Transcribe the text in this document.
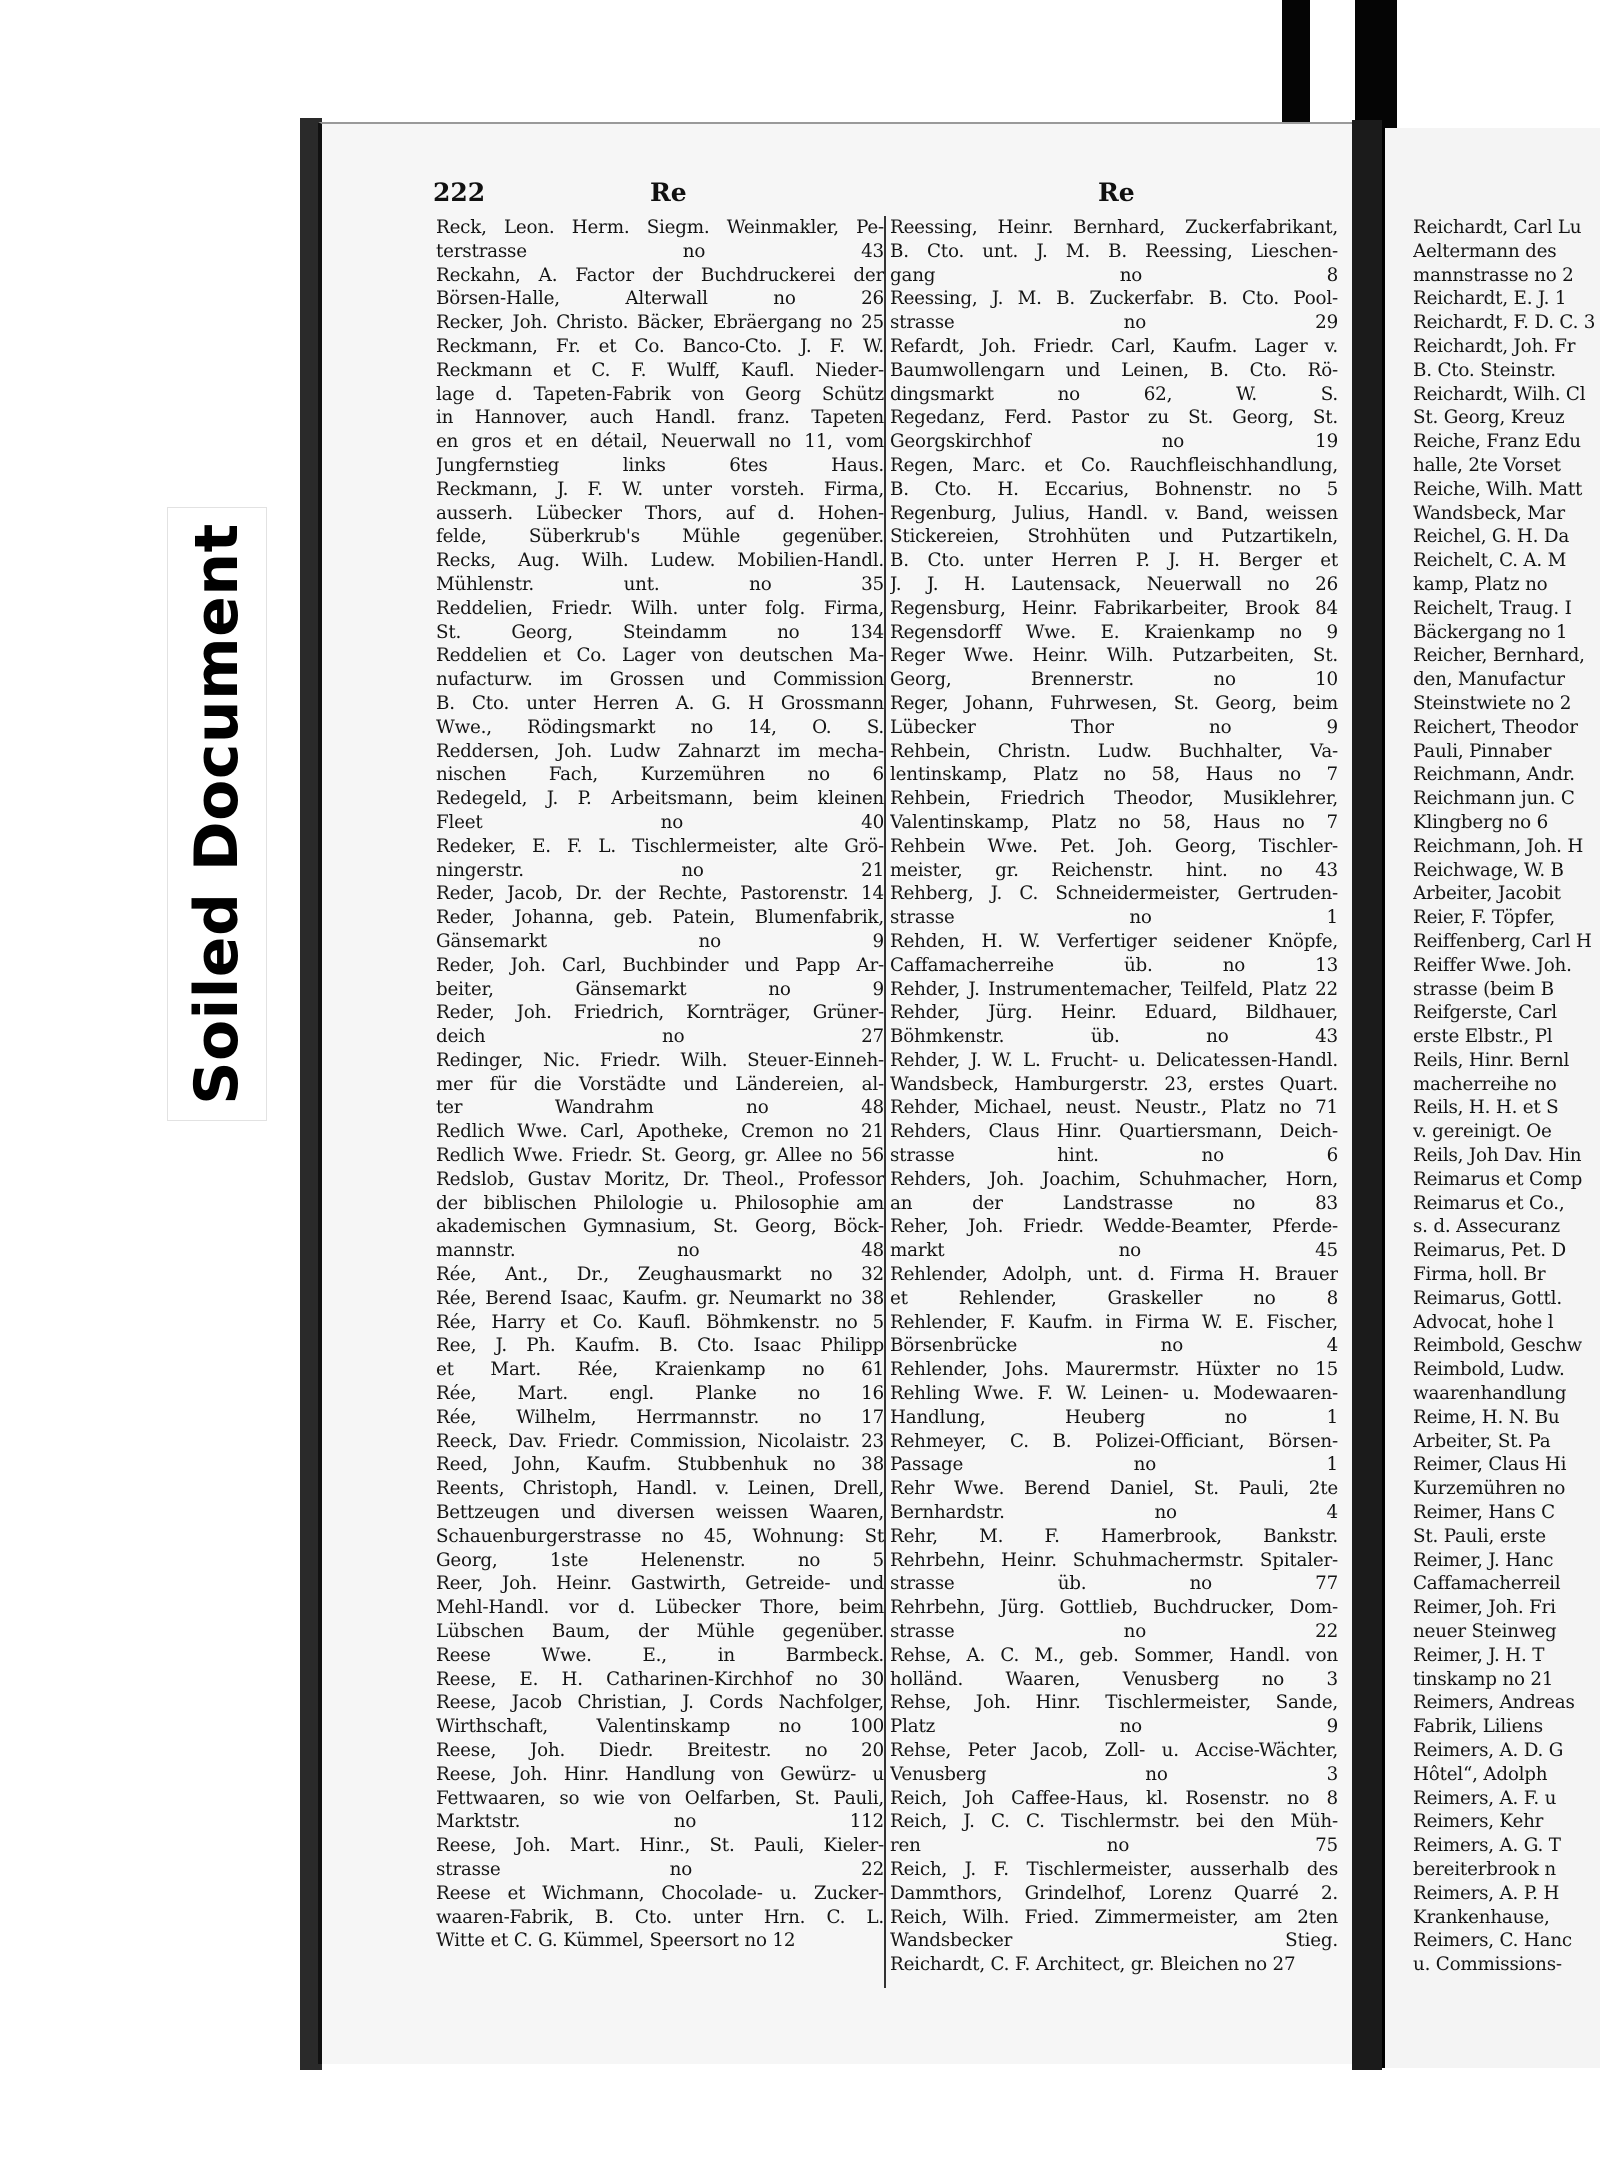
Soiled Document
222	Re	Re
Reck, Leon. Herm. Siegm. Weinmakler, Pe-
terstrasse no 43
Reckahn, A. Factor der Buchdruckerei der
Börsen-Halle, Alterwall no 26
Recker, Joh. Christo. Bäcker, Ebräergang no 25
Reckmann, Fr. et Co. Banco-Cto. J. F. W.
Reckmann et C. F. Wulff, Kaufl. Nieder-
lage d. Tapeten-Fabrik von Georg Schütz
in Hannover, auch Handl. franz. Tapeten
en gros et en détail, Neuerwall no 11, vom
Jungfernstieg links 6tes Haus.
Reckmann, J. F. W. unter vorsteh. Firma,
ausserh. Lübecker Thors, auf d. Hohen-
felde, Süberkrub's Mühle gegenüber.
Recks, Aug. Wilh. Ludew. Mobilien-Handl.
Mühlenstr. unt. no 35
Reddelien, Friedr. Wilh. unter folg. Firma,
St. Georg, Steindamm no 134
Reddelien et Co. Lager von deutschen Ma-
nufacturw. im Grossen und Commission
B. Cto. unter Herren A. G. H Grossmann
Wwe., Rödingsmarkt no 14, O. S.
Reddersen, Joh. Ludw Zahnarzt im mecha-
nischen Fach, Kurzemühren no 6
Redegeld, J. P. Arbeitsmann, beim kleinen
Fleet no 40
Redeker, E. F. L. Tischlermeister, alte Grö-
ningerstr. no 21
Reder, Jacob, Dr. der Rechte, Pastorenstr. 14
Reder, Johanna, geb. Patein, Blumenfabrik,
Gänsemarkt no 9
Reder, Joh. Carl, Buchbinder und Papp Ar-
beiter, Gänsemarkt no 9
Reder, Joh. Friedrich, Kornträger, Grüner-
deich no 27
Redinger, Nic. Friedr. Wilh. Steuer-Einneh-
mer für die Vorstädte und Ländereien, al-
ter Wandrahm no 48
Redlich Wwe. Carl, Apotheke, Cremon no 21
Redlich Wwe. Friedr. St. Georg, gr. Allee no 56
Redslob, Gustav Moritz, Dr. Theol., Professor
der biblischen Philologie u. Philosophie am
akademischen Gymnasium, St. Georg, Böck-
mannstr. no 48
Rée, Ant., Dr., Zeughausmarkt no 32
Rée, Berend Isaac, Kaufm. gr. Neumarkt no 38
Rée, Harry et Co. Kaufl. Böhmkenstr. no 5
Ree, J. Ph. Kaufm. B. Cto. Isaac Philipp
et Mart. Rée, Kraienkamp no 61
Rée, Mart. engl. Planke no 16
Rée, Wilhelm, Herrmannstr. no 17
Reeck, Dav. Friedr. Commission, Nicolaistr. 23
Reed, John, Kaufm. Stubbenhuk no 38
Reents, Christoph, Handl. v. Leinen, Drell,
Bettzeugen und diversen weissen Waaren,
Schauenburgerstrasse no 45, Wohnung: St
Georg, 1ste Helenenstr. no 5
Reer, Joh. Heinr. Gastwirth, Getreide- und
Mehl-Handl. vor d. Lübecker Thore, beim
Lübschen Baum, der Mühle gegenüber.
Reese Wwe. E., in Barmbeck.
Reese, E. H. Catharinen-Kirchhof no 30
Reese, Jacob Christian, J. Cords Nachfolger,
Wirthschaft, Valentinskamp no 100
Reese, Joh. Diedr. Breitestr. no 20
Reese, Joh. Hinr. Handlung von Gewürz- u
Fettwaaren, so wie von Oelfarben, St. Pauli,
Marktstr. no 112
Reese, Joh. Mart. Hinr., St. Pauli, Kieler-
strasse no 22
Reese et Wichmann, Chocolade- u. Zucker-
waaren-Fabrik, B. Cto. unter Hrn. C. L.
Witte et C. G. Kümmel, Speersort no 12
Reessing, Heinr. Bernhard, Zuckerfabrikant,
B. Cto. unt. J. M. B. Reessing, Lieschen-
gang no 8
Reessing, J. M. B. Zuckerfabr. B. Cto. Pool-
strasse no 29
Refardt, Joh. Friedr. Carl, Kaufm. Lager v.
Baumwollengarn und Leinen, B. Cto. Rö-
dingsmarkt no 62, W. S.
Regedanz, Ferd. Pastor zu St. Georg, St.
Georgskirchhof no 19
Regen, Marc. et Co. Rauchfleischhandlung,
B. Cto. H. Eccarius, Bohnenstr. no 5
Regenburg, Julius, Handl. v. Band, weissen
Stickereien, Strohhüten und Putzartikeln,
B. Cto. unter Herren P. J. H. Berger et
J. J. H. Lautensack, Neuerwall no 26
Regensburg, Heinr. Fabrikarbeiter, Brook 84
Regensdorff Wwe. E. Kraienkamp no 9
Reger Wwe. Heinr. Wilh. Putzarbeiten, St.
Georg, Brennerstr. no 10
Reger, Johann, Fuhrwesen, St. Georg, beim
Lübecker Thor no 9
Rehbein, Christn. Ludw. Buchhalter, Va-
lentinskamp, Platz no 58, Haus no 7
Rehbein, Friedrich Theodor, Musiklehrer,
Valentinskamp, Platz no 58, Haus no 7
Rehbein Wwe. Pet. Joh. Georg, Tischler-
meister, gr. Reichenstr. hint. no 43
Rehberg, J. C. Schneidermeister, Gertruden-
strasse no 1
Rehden, H. W. Verfertiger seidener Knöpfe,
Caffamacherreihe üb. no 13
Rehder, J. Instrumentemacher, Teilfeld, Platz 22
Rehder, Jürg. Heinr. Eduard, Bildhauer,
Böhmkenstr. üb. no 43
Rehder, J. W. L. Frucht- u. Delicatessen-Handl.
Wandsbeck, Hamburgerstr. 23, erstes Quart.
Rehder, Michael, neust. Neustr., Platz no 71
Rehders, Claus Hinr. Quartiersmann, Deich-
strasse hint. no 6
Rehders, Joh. Joachim, Schuhmacher, Horn,
an der Landstrasse no 83
Reher, Joh. Friedr. Wedde-Beamter, Pferde-
markt no 45
Rehlender, Adolph, unt. d. Firma H. Brauer
et Rehlender, Graskeller no 8
Rehlender, F. Kaufm. in Firma W. E. Fischer,
Börsenbrücke no 4
Rehlender, Johs. Maurermstr. Hüxter no 15
Rehling Wwe. F. W. Leinen- u. Modewaaren-
Handlung, Heuberg no 1
Rehmeyer, C. B. Polizei-Officiant, Börsen-
Passage no 1
Rehr Wwe. Berend Daniel, St. Pauli, 2te
Bernhardstr. no 4
Rehr, M. F. Hamerbrook, Bankstr.
Rehrbehn, Heinr. Schuhmachermstr. Spitaler-
strasse üb. no 77
Rehrbehn, Jürg. Gottlieb, Buchdrucker, Dom-
strasse no 22
Rehse, A. C. M., geb. Sommer, Handl. von
holländ. Waaren, Venusberg no 3
Rehse, Joh. Hinr. Tischlermeister, Sande,
Platz no 9
Rehse, Peter Jacob, Zoll- u. Accise-Wächter,
Venusberg no 3
Reich, Joh Caffee-Haus, kl. Rosenstr. no 8
Reich, J. C. C. Tischlermstr. bei den Müh-
ren no 75
Reich, J. F. Tischlermeister, ausserhalb des
Dammthors, Grindelhof, Lorenz Quarré 2.
Reich, Wilh. Fried. Zimmermeister, am 2ten
Wandsbecker Stieg.
Reichardt, C. F. Architect, gr. Bleichen no 27
Reichardt, Carl Lu
Aeltermann des
mannstrasse no 2
Reichardt, E. J. 1
Reichardt, F. D. C. 3
Reichardt, Joh. Fr
B. Cto. Steinstr.
Reichardt, Wilh. Cl
St. Georg, Kreuz
Reiche, Franz Edu
halle, 2te Vorset
Reiche, Wilh. Matt
Wandsbeck, Mar
Reichel, G. H. Da
Reichelt, C. A. M
kamp, Platz no
Reichelt, Traug. I
Bäckergang no 1
Reicher, Bernhard,
den, Manufactur
Steinstwiete no 2
Reichert, Theodor
Pauli, Pinnaber
Reichmann, Andr.
Reichmann jun. C
Klingberg no 6
Reichmann, Joh. H
Reichwage, W. B
Arbeiter, Jacobit
Reier, F. Töpfer,
Reiffenberg, Carl H
Reiffer Wwe. Joh.
strasse (beim B
Reifgerste, Carl
erste Elbstr., Pl
Reils, Hinr. Bernl
macherreihe no
Reils, H. H. et S
v. gereinigt. Oe
Reils, Joh Dav. Hin
Reimarus et Comp
Reimarus et Co.,
s. d. Assecuranz
Reimarus, Pet. D
Firma, holl. Br
Reimarus, Gottl.
Advocat, hohe l
Reimbold, Geschw
Reimbold, Ludw.
waarenhandlung
Reime, H. N. Bu
Arbeiter, St. Pa
Reimer, Claus Hi
Kurzemühren no
Reimer, Hans C
St. Pauli, erste
Reimer, J. Hanc
Caffamacherreil
Reimer, Joh. Fri
neuer Steinweg
Reimer, J. H. T
tinskamp no 21
Reimers, Andreas
Fabrik, Liliens
Reimers, A. D. G
Hôtel“, Adolph
Reimers, A. F. u
Reimers, Kehr
Reimers, A. G. T
bereiterbrook n
Reimers, A. P. H
Krankenhause,
Reimers, C. Hanc
u. Commissions-
